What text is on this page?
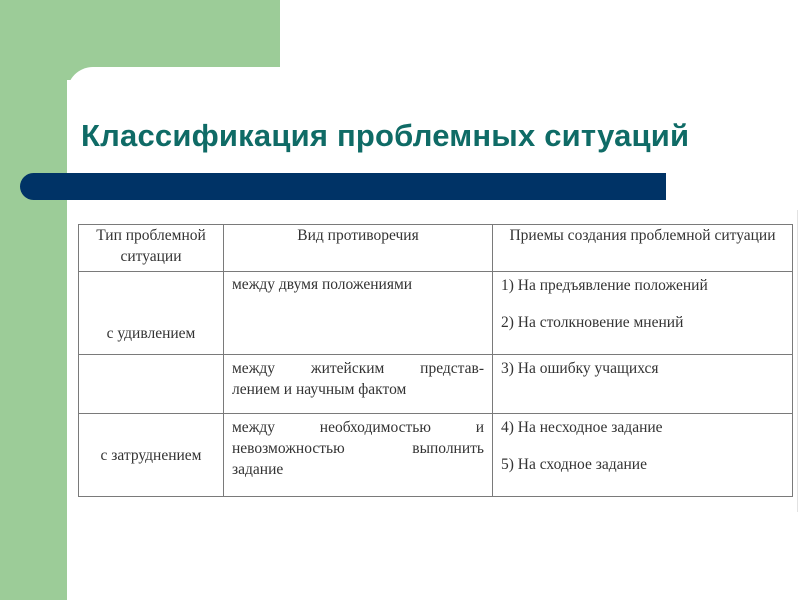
Классификация проблемных ситуаций
Тип проблемной ситуации	Вид противоречия	Приемы создания проблемной ситуации
с удивлением	между двумя положениями	1) На предъявление положений
2) На столкновение мнений

	между житейским представ-
лением и научным фактом	3) На ошибку учащихся

с затруднением	между необходимостью и
невозможностью выполнить
задание	4) На несходное задание
5) На сходное задание
